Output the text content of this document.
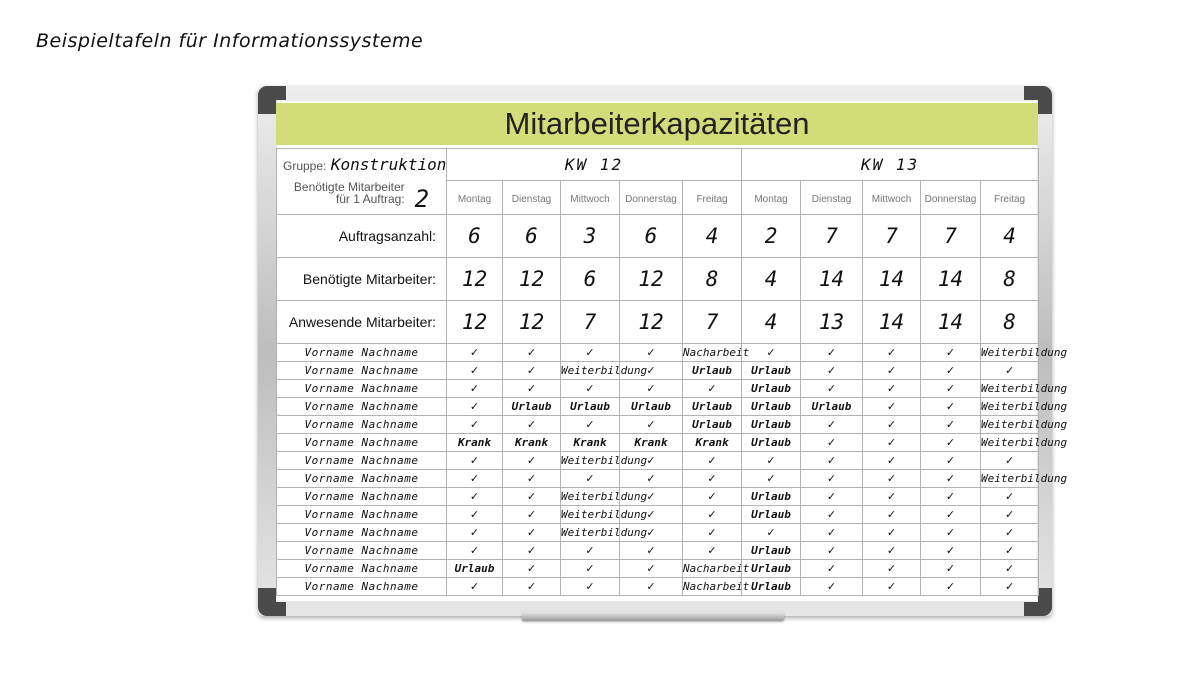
Beispieltafeln für Informationssysteme
Mitarbeiterkapazitäten
Gruppe: Konstruktion	KW 12					KW 13				
Benötigte Mitarbeiter
für 1 Auftrag: 2	Montag	Dienstag	Mittwoch	Donnerstag	Freitag	Montag	Dienstag	Mittwoch	Donnerstag	Freitag
Auftragsanzahl:	6	6	3	6	4	2	7	7	7	4
Benötigte Mitarbeiter:	12	12	6	12	8	4	14	14	14	8
Anwesende Mitarbeiter:	12	12	7	12	7	4	13	14	14	8
Vorname Nachname	✓	✓	✓	✓	Nacharbeit	✓	✓	✓	✓	Weiterbildung
Vorname Nachname	✓	✓	Weiterbildung	✓	Urlaub	Urlaub	✓	✓	✓	✓
Vorname Nachname	✓	✓	✓	✓	✓	Urlaub	✓	✓	✓	Weiterbildung
Vorname Nachname	✓	Urlaub	Urlaub	Urlaub	Urlaub	Urlaub	Urlaub	✓	✓	Weiterbildung
Vorname Nachname	✓	✓	✓	✓	Urlaub	Urlaub	✓	✓	✓	Weiterbildung
Vorname Nachname	Krank	Krank	Krank	Krank	Krank	Urlaub	✓	✓	✓	Weiterbildung
Vorname Nachname	✓	✓	Weiterbildung	✓	✓	✓	✓	✓	✓	✓
Vorname Nachname	✓	✓	✓	✓	✓	✓	✓	✓	✓	Weiterbildung
Vorname Nachname	✓	✓	Weiterbildung	✓	✓	Urlaub	✓	✓	✓	✓
Vorname Nachname	✓	✓	Weiterbildung	✓	✓	Urlaub	✓	✓	✓	✓
Vorname Nachname	✓	✓	Weiterbildung	✓	✓	✓	✓	✓	✓	✓
Vorname Nachname	✓	✓	✓	✓	✓	Urlaub	✓	✓	✓	✓
Vorname Nachname	Urlaub	✓	✓	✓	Nacharbeit	Urlaub	✓	✓	✓	✓
Vorname Nachname	✓	✓	✓	✓	Nacharbeit	Urlaub	✓	✓	✓	✓
